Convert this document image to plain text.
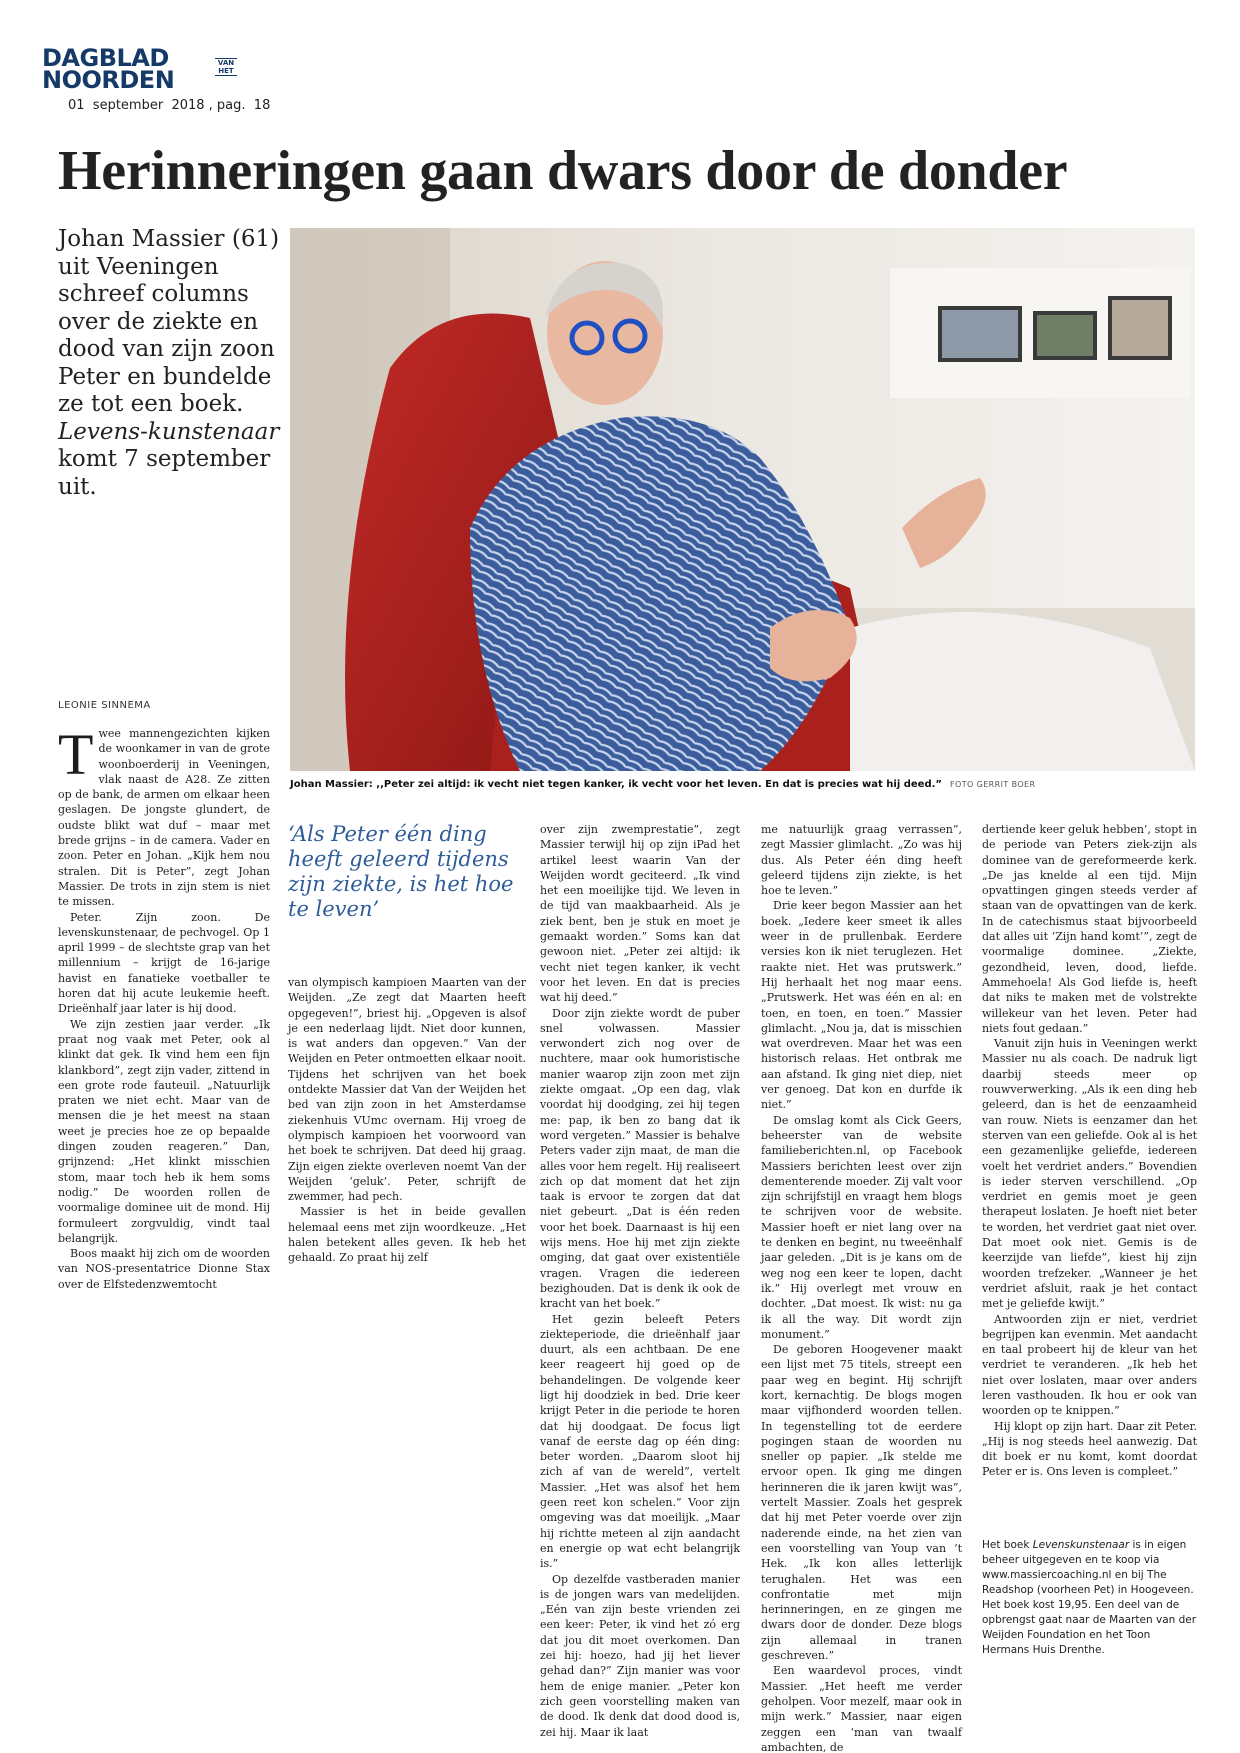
DAGBLAD
NOORDEN
VAN HET
01  september  2018 , pag.  18
Herinneringen gaan dwars door de donder
Johan Massier (61) uit Veeningen schreef columns over de ziekte en dood van zijn zoon Peter en bundelde ze tot een boek. Levens-kunstenaar komt 7 september uit.
Johan Massier: ,,Peter zei altijd: ik vecht niet tegen kanker, ik vecht voor het leven. En dat is precies wat hij deed.” FOTO GERRIT BOER
LEONIE SINNEMA
T wee mannengezichten kijken de woonkamer in van de grote woonboerderij in Veeningen, vlak naast de A28. Ze zitten op de bank, de armen om elkaar heen geslagen. De jongste glundert, de oudste blikt wat duf – maar met brede grijns – in de camera. Vader en zoon. Peter en Johan. „Kijk hem nou stralen. Dit is Peter”, zegt Johan Massier. De trots in zijn stem is niet te missen.

Peter. Zijn zoon. De levenskunstenaar, de pechvogel. Op 1 april 1999 – de slechtste grap van het millennium – krijgt de 16-jarige havist en fanatieke voetballer te horen dat hij acute leukemie heeft. Drieënhalf jaar later is hij dood.

We zijn zestien jaar verder. „Ik praat nog vaak met Peter, ook al klinkt dat gek. Ik vind hem een fijn klankbord”, zegt zijn vader, zittend in een grote rode fauteuil. „Natuurlijk praten we niet echt. Maar van de mensen die je het meest na staan weet je precies hoe ze op bepaalde dingen zouden reageren.” Dan, grijnzend: „Het klinkt misschien stom, maar toch heb ik hem soms nodig.” De woorden rollen de voormalige dominee uit de mond. Hij formuleert zorgvuldig, vindt taal belangrijk.

Boos maakt hij zich om de woorden van NOS-presentatrice Dionne Stax over de Elfstedenzwemtocht

‘Als Peter één ding heeft geleerd tijdens zijn ziekte, is het hoe te leven’

van olympisch kampioen Maarten van der Weijden. „Ze zegt dat Maarten heeft opgegeven!”, briest hij. „Opgeven is alsof je een nederlaag lijdt. Niet door kunnen, is wat anders dan opgeven.” Van der Weijden en Peter ontmoetten elkaar nooit. Tijdens het schrijven van het boek ontdekte Massier dat Van der Weijden het bed van zijn zoon in het Amsterdamse ziekenhuis VUmc overnam. Hij vroeg de olympisch kampioen het voorwoord van het boek te schrijven. Dat deed hij graag. Zijn eigen ziekte overleven noemt Van der Weijden ‘geluk’. Peter, schrijft de zwemmer, had pech.

Massier is het in beide gevallen helemaal eens met zijn woordkeuze. „Het halen betekent alles geven. Ik heb het gehaald. Zo praat hij zelf

over zijn zwemprestatie”, zegt Massier terwijl hij op zijn iPad het artikel leest waarin Van der Weijden wordt geciteerd. „Ik vind het een moeilijke tijd. We leven in de tijd van maakbaarheid. Als je ziek bent, ben je stuk en moet je gemaakt worden.” Soms kan dat gewoon niet. „Peter zei altijd: ik vecht niet tegen kanker, ik vecht voor het leven. En dat is precies wat hij deed.”

Door zijn ziekte wordt de puber snel volwassen. Massier verwondert zich nog over de nuchtere, maar ook humoristische manier waarop zijn zoon met zijn ziekte omgaat. „Op een dag, vlak voordat hij doodging, zei hij tegen me: pap, ik ben zo bang dat ik word vergeten.” Massier is behalve Peters vader zijn maat, de man die alles voor hem regelt. Hij realiseert zich op dat moment dat het zijn taak is ervoor te zorgen dat dat niet gebeurt. „Dat is één reden voor het boek. Daarnaast is hij een wijs mens. Hoe hij met zijn ziekte omging, dat gaat over existentiële vragen. Vragen die iedereen bezighouden. Dat is denk ik ook de kracht van het boek.”

Het gezin beleeft Peters ziekteperiode, die drieënhalf jaar duurt, als een achtbaan. De ene keer reageert hij goed op de behandelingen. De volgende keer ligt hij doodziek in bed. Drie keer krijgt Peter in die periode te horen dat hij doodgaat. De focus ligt vanaf de eerste dag op één ding: beter worden. „Daarom sloot hij zich af van de wereld”, vertelt Massier. „Het was alsof het hem geen reet kon schelen.” Voor zijn omgeving was dat moeilijk. „Maar hij richtte meteen al zijn aandacht en energie op wat echt belangrijk is.”

Op dezelfde vastberaden manier is de jongen wars van medelijden. „Eén van zijn beste vrienden zei een keer: Peter, ik vind het zó erg dat jou dit moet overkomen. Dan zei hij: hoezo, had jij het liever gehad dan?” Zijn manier was voor hem de enige manier. „Peter kon zich geen voorstelling maken van de dood. Ik denk dat dood dood is, zei hij. Maar ik laat

me natuurlijk graag verrassen”, zegt Massier glimlacht. „Zo was hij dus. Als Peter één ding heeft geleerd tijdens zijn ziekte, is het hoe te leven.”

Drie keer begon Massier aan het boek. „Iedere keer smeet ik alles weer in de prullenbak. Eerdere versies kon ik niet teruglezen. Het raakte niet. Het was prutswerk.” Hij herhaalt het nog maar eens. „Prutswerk. Het was één en al: en toen, en toen, en toen.” Massier glimlacht. „Nou ja, dat is misschien wat overdreven. Maar het was een historisch relaas. Het ontbrak me aan afstand. Ik ging niet diep, niet ver genoeg. Dat kon en durfde ik niet.”

De omslag komt als Cick Geers, beheerster van de website familieberichten.nl, op Facebook Massiers berichten leest over zijn dementerende moeder. Zij valt voor zijn schrijfstijl en vraagt hem blogs te schrijven voor de website. Massier hoeft er niet lang over na te denken en begint, nu tweeënhalf jaar geleden. „Dit is je kans om de weg nog een keer te lopen, dacht ik.” Hij overlegt met vrouw en dochter. „Dat moest. Ik wist: nu ga ik all the way. Dit wordt zijn monument.”

De geboren Hoogevener maakt een lijst met 75 titels, streept een paar weg en begint. Hij schrijft kort, kernachtig. De blogs mogen maar vijfhonderd woorden tellen. In tegenstelling tot de eerdere pogingen staan de woorden nu sneller op papier. „Ik stelde me ervoor open. Ik ging me dingen herinneren die ik jaren kwijt was”, vertelt Massier. Zoals het gesprek dat hij met Peter voerde over zijn naderende einde, na het zien van een voorstelling van Youp van ’t Hek. „Ik kon alles letterlijk terughalen. Het was een confrontatie met mijn herinneringen, en ze gingen me dwars door de donder. Deze blogs zijn allemaal in tranen geschreven.”

Een waardevol proces, vindt Massier. „Het heeft me verder geholpen. Voor mezelf, maar ook in mijn werk.” Massier, naar eigen zeggen een ‘man van twaalf ambachten, de

dertiende keer geluk hebben’, stopt in de periode van Peters ziek-zijn als dominee van de gereformeerde kerk. „De jas knelde al een tijd. Mijn opvattingen gingen steeds verder af staan van de opvattingen van de kerk. In de catechismus staat bijvoorbeeld dat alles uit ‘Zijn hand komt’”, zegt de voormalige dominee. „Ziekte, gezondheid, leven, dood, liefde. Ammehoela! Als God liefde is, heeft dat niks te maken met de volstrekte willekeur van het leven. Peter had niets fout gedaan.”

Vanuit zijn huis in Veeningen werkt Massier nu als coach. De nadruk ligt daarbij steeds meer op rouwverwerking. „Als ik een ding heb geleerd, dan is het de eenzaamheid van rouw. Niets is eenzamer dan het sterven van een geliefde. Ook al is het een gezamenlijke geliefde, iedereen voelt het verdriet anders.” Bovendien is ieder sterven verschillend. „Op verdriet en gemis moet je geen therapeut loslaten. Je hoeft niet beter te worden, het verdriet gaat niet over. Dat moet ook niet. Gemis is de keerzijde van liefde”, kiest hij zijn woorden trefzeker. „Wanneer je het verdriet afsluit, raak je het contact met je geliefde kwijt.”

Antwoorden zijn er niet, verdriet begrijpen kan evenmin. Met aandacht en taal probeert hij de kleur van het verdriet te veranderen. „Ik heb het niet over loslaten, maar over anders leren vasthouden. Ik hou er ook van woorden op te knippen.”

Hij klopt op zijn hart. Daar zit Peter. „Hij is nog steeds heel aanwezig. Dat dit boek er nu komt, komt doordat Peter er is. Ons leven is compleet.”

Het boek Levenskunstenaar is in eigen beheer uitgegeven en te koop via www.massiercoaching.nl en bij The Readshop (voorheen Pet) in Hoogeveen. Het boek kost 19,95. Een deel van de opbrengst gaat naar de Maarten van der Weijden Foundation en het Toon Hermans Huis Drenthe.
